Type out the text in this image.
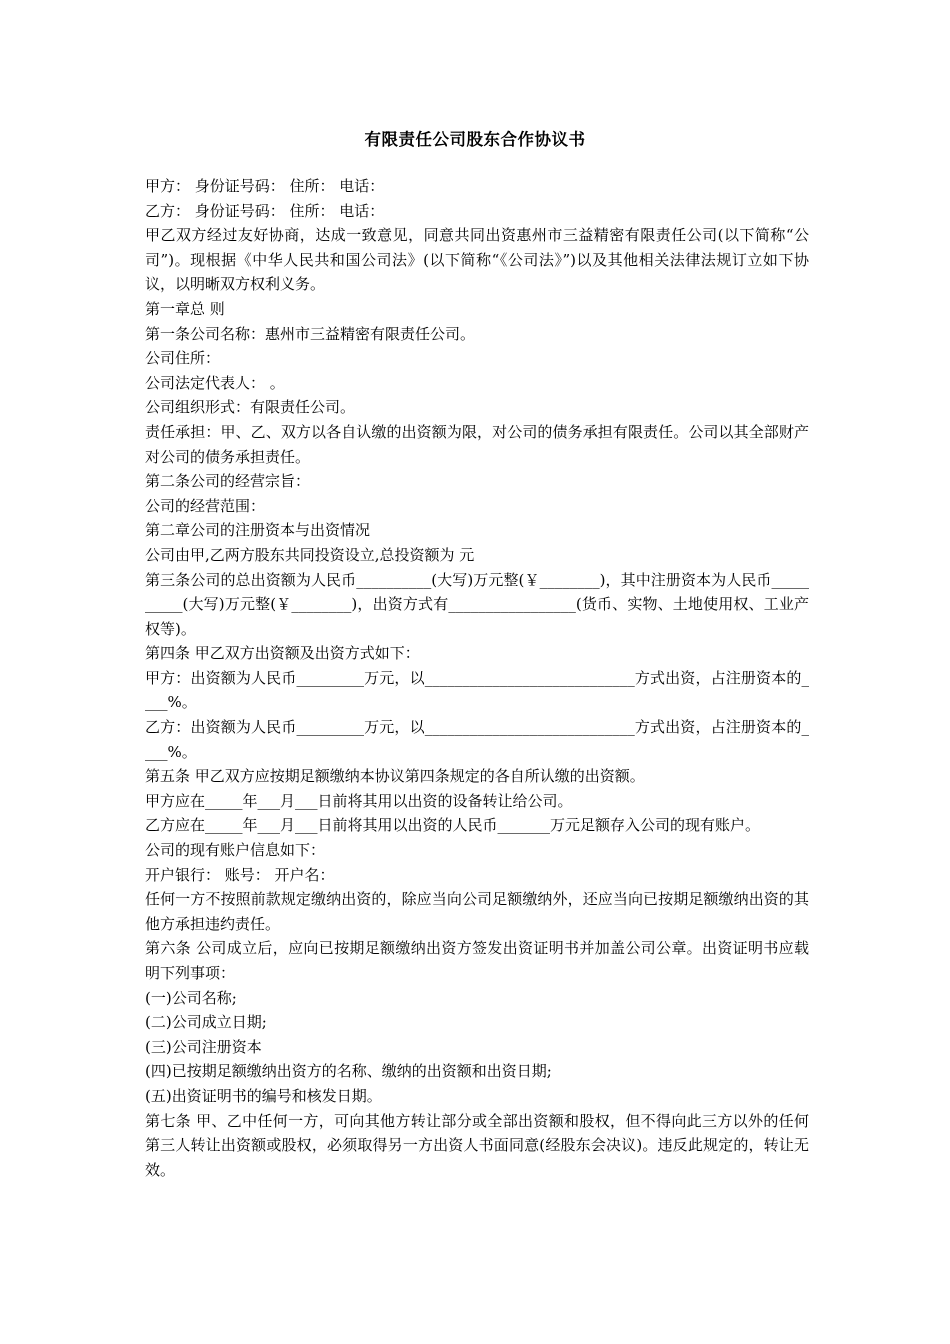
有限责任公司股东合作协议书

甲方： 身份证号码： 住所： 电话：

乙方： 身份证号码： 住所： 电话：

甲乙双方经过友好协商，达成一致意见，同意共同出资惠州市三益精密有限责任公司(以下简称“公司”)。现根据《中华人民共和国公司法》(以下简称“《公司法》”)以及其他相关法律法规订立如下协议，以明晰双方权利义务。

第一章总 则

第一条公司名称：惠州市三益精密有限责任公司。

公司住所：

公司法定代表人： 。

公司组织形式：有限责任公司。

责任承担：甲、乙、双方以各自认缴的出资额为限，对公司的债务承担有限责任。公司以其全部财产对公司的债务承担责任。

第二条公司的经营宗旨：

公司的经营范围：

第二章公司的注册资本与出资情况

公司由甲,乙两方股东共同投资设立,总投资额为 元

第三条公司的总出资额为人民币__________(大写)万元整(￥________)，其中注册资本为人民币__________(大写)万元整(￥________)，出资方式有_________________(货币、实物、土地使用权、工业产权等)。

第四条 甲乙双方出资额及出资方式如下：

甲方：出资额为人民币_________万元，以____________________________方式出资，占注册资本的____%。

乙方：出资额为人民币_________万元，以____________________________方式出资，占注册资本的____%。

第五条 甲乙双方应按期足额缴纳本协议第四条规定的各自所认缴的出资额。

甲方应在_____年___月___日前将其用以出资的设备转让给公司。

乙方应在_____年___月___日前将其用以出资的人民币_______万元足额存入公司的现有账户。

公司的现有账户信息如下：

开户银行： 账号： 开户名：

任何一方不按照前款规定缴纳出资的，除应当向公司足额缴纳外，还应当向已按期足额缴纳出资的其他方承担违约责任。

第六条 公司成立后，应向已按期足额缴纳出资方签发出资证明书并加盖公司公章。出资证明书应载明下列事项：

(一)公司名称;

(二)公司成立日期;

(三)公司注册资本

(四)已按期足额缴纳出资方的名称、缴纳的出资额和出资日期;

(五)出资证明书的编号和核发日期。

第七条 甲、乙中任何一方，可向其他方转让部分或全部出资额和股权，但不得向此三方以外的任何第三人转让出资额或股权，必须取得另一方出资人书面同意(经股东会决议)。违反此规定的，转让无效。
